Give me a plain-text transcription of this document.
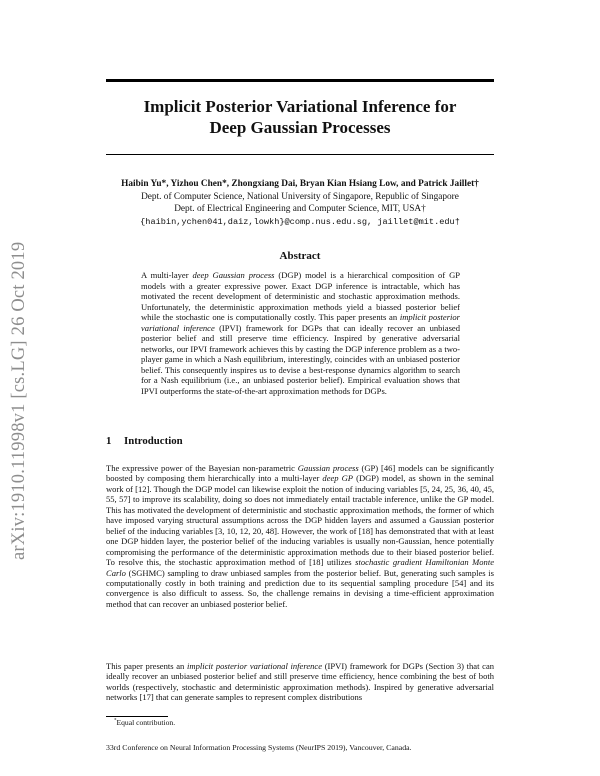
arXiv:1910.11998v1 [cs.LG] 26 Oct 2019
Implicit Posterior Variational Inference for
Deep Gaussian Processes
Haibin Yu*, Yizhou Chen*, Zhongxiang Dai, Bryan Kian Hsiang Low, and Patrick Jaillet†
Dept. of Computer Science, National University of Singapore, Republic of Singapore
Dept. of Electrical Engineering and Computer Science, MIT, USA†
{haibin,ychen041,daiz,lowkh}@comp.nus.edu.sg, jaillet@mit.edu†
Abstract
A multi-layer deep Gaussian process (DGP) model is a hierarchical composition of GP models with a greater expressive power. Exact DGP inference is intractable, which has motivated the recent development of deterministic and stochastic approximation methods. Unfortunately, the deterministic approximation methods yield a biassed posterior belief while the stochastic one is computationally costly. This paper presents an implicit posterior variational inference (IPVI) framework for DGPs that can ideally recover an unbiased posterior belief and still preserve time efficiency. Inspired by generative adversarial networks, our IPVI framework achieves this by casting the DGP inference problem as a two-player game in which a Nash equilibrium, interestingly, coincides with an unbiased posterior belief. This consequently inspires us to devise a best-response dynamics algorithm to search for a Nash equilibrium (i.e., an unbiased posterior belief). Empirical evaluation shows that IPVI outperforms the state-of-the-art approximation methods for DGPs.
1 Introduction
The expressive power of the Bayesian non-parametric Gaussian process (GP) [46] models can be significantly boosted by composing them hierarchically into a multi-layer deep GP (DGP) model, as shown in the seminal work of [12]. Though the DGP model can likewise exploit the notion of inducing variables [5, 24, 25, 36, 40, 45, 55, 57] to improve its scalability, doing so does not immediately entail tractable inference, unlike the GP model. This has motivated the development of deterministic and stochastic approximation methods, the former of which have imposed varying structural assumptions across the DGP hidden layers and assumed a Gaussian posterior belief of the inducing variables [3, 10, 12, 20, 48]. However, the work of [18] has demonstrated that with at least one DGP hidden layer, the posterior belief of the inducing variables is usually non-Gaussian, hence potentially compromising the performance of the deterministic approximation methods due to their biased posterior belief. To resolve this, the stochastic approximation method of [18] utilizes stochastic gradient Hamiltonian Monte Carlo (SGHMC) sampling to draw unbiased samples from the posterior belief. But, generating such samples is computationally costly in both training and prediction due to its sequential sampling procedure [54] and its convergence is also difficult to assess. So, the challenge remains in devising a time-efficient approximation method that can recover an unbiased posterior belief.
This paper presents an implicit posterior variational inference (IPVI) framework for DGPs (Section 3) that can ideally recover an unbiased posterior belief and still preserve time efficiency, hence combining the best of both worlds (respectively, stochastic and deterministic approximation methods). Inspired by generative adversarial networks [17] that can generate samples to represent complex distributions
*Equal contribution.
33rd Conference on Neural Information Processing Systems (NeurIPS 2019), Vancouver, Canada.
